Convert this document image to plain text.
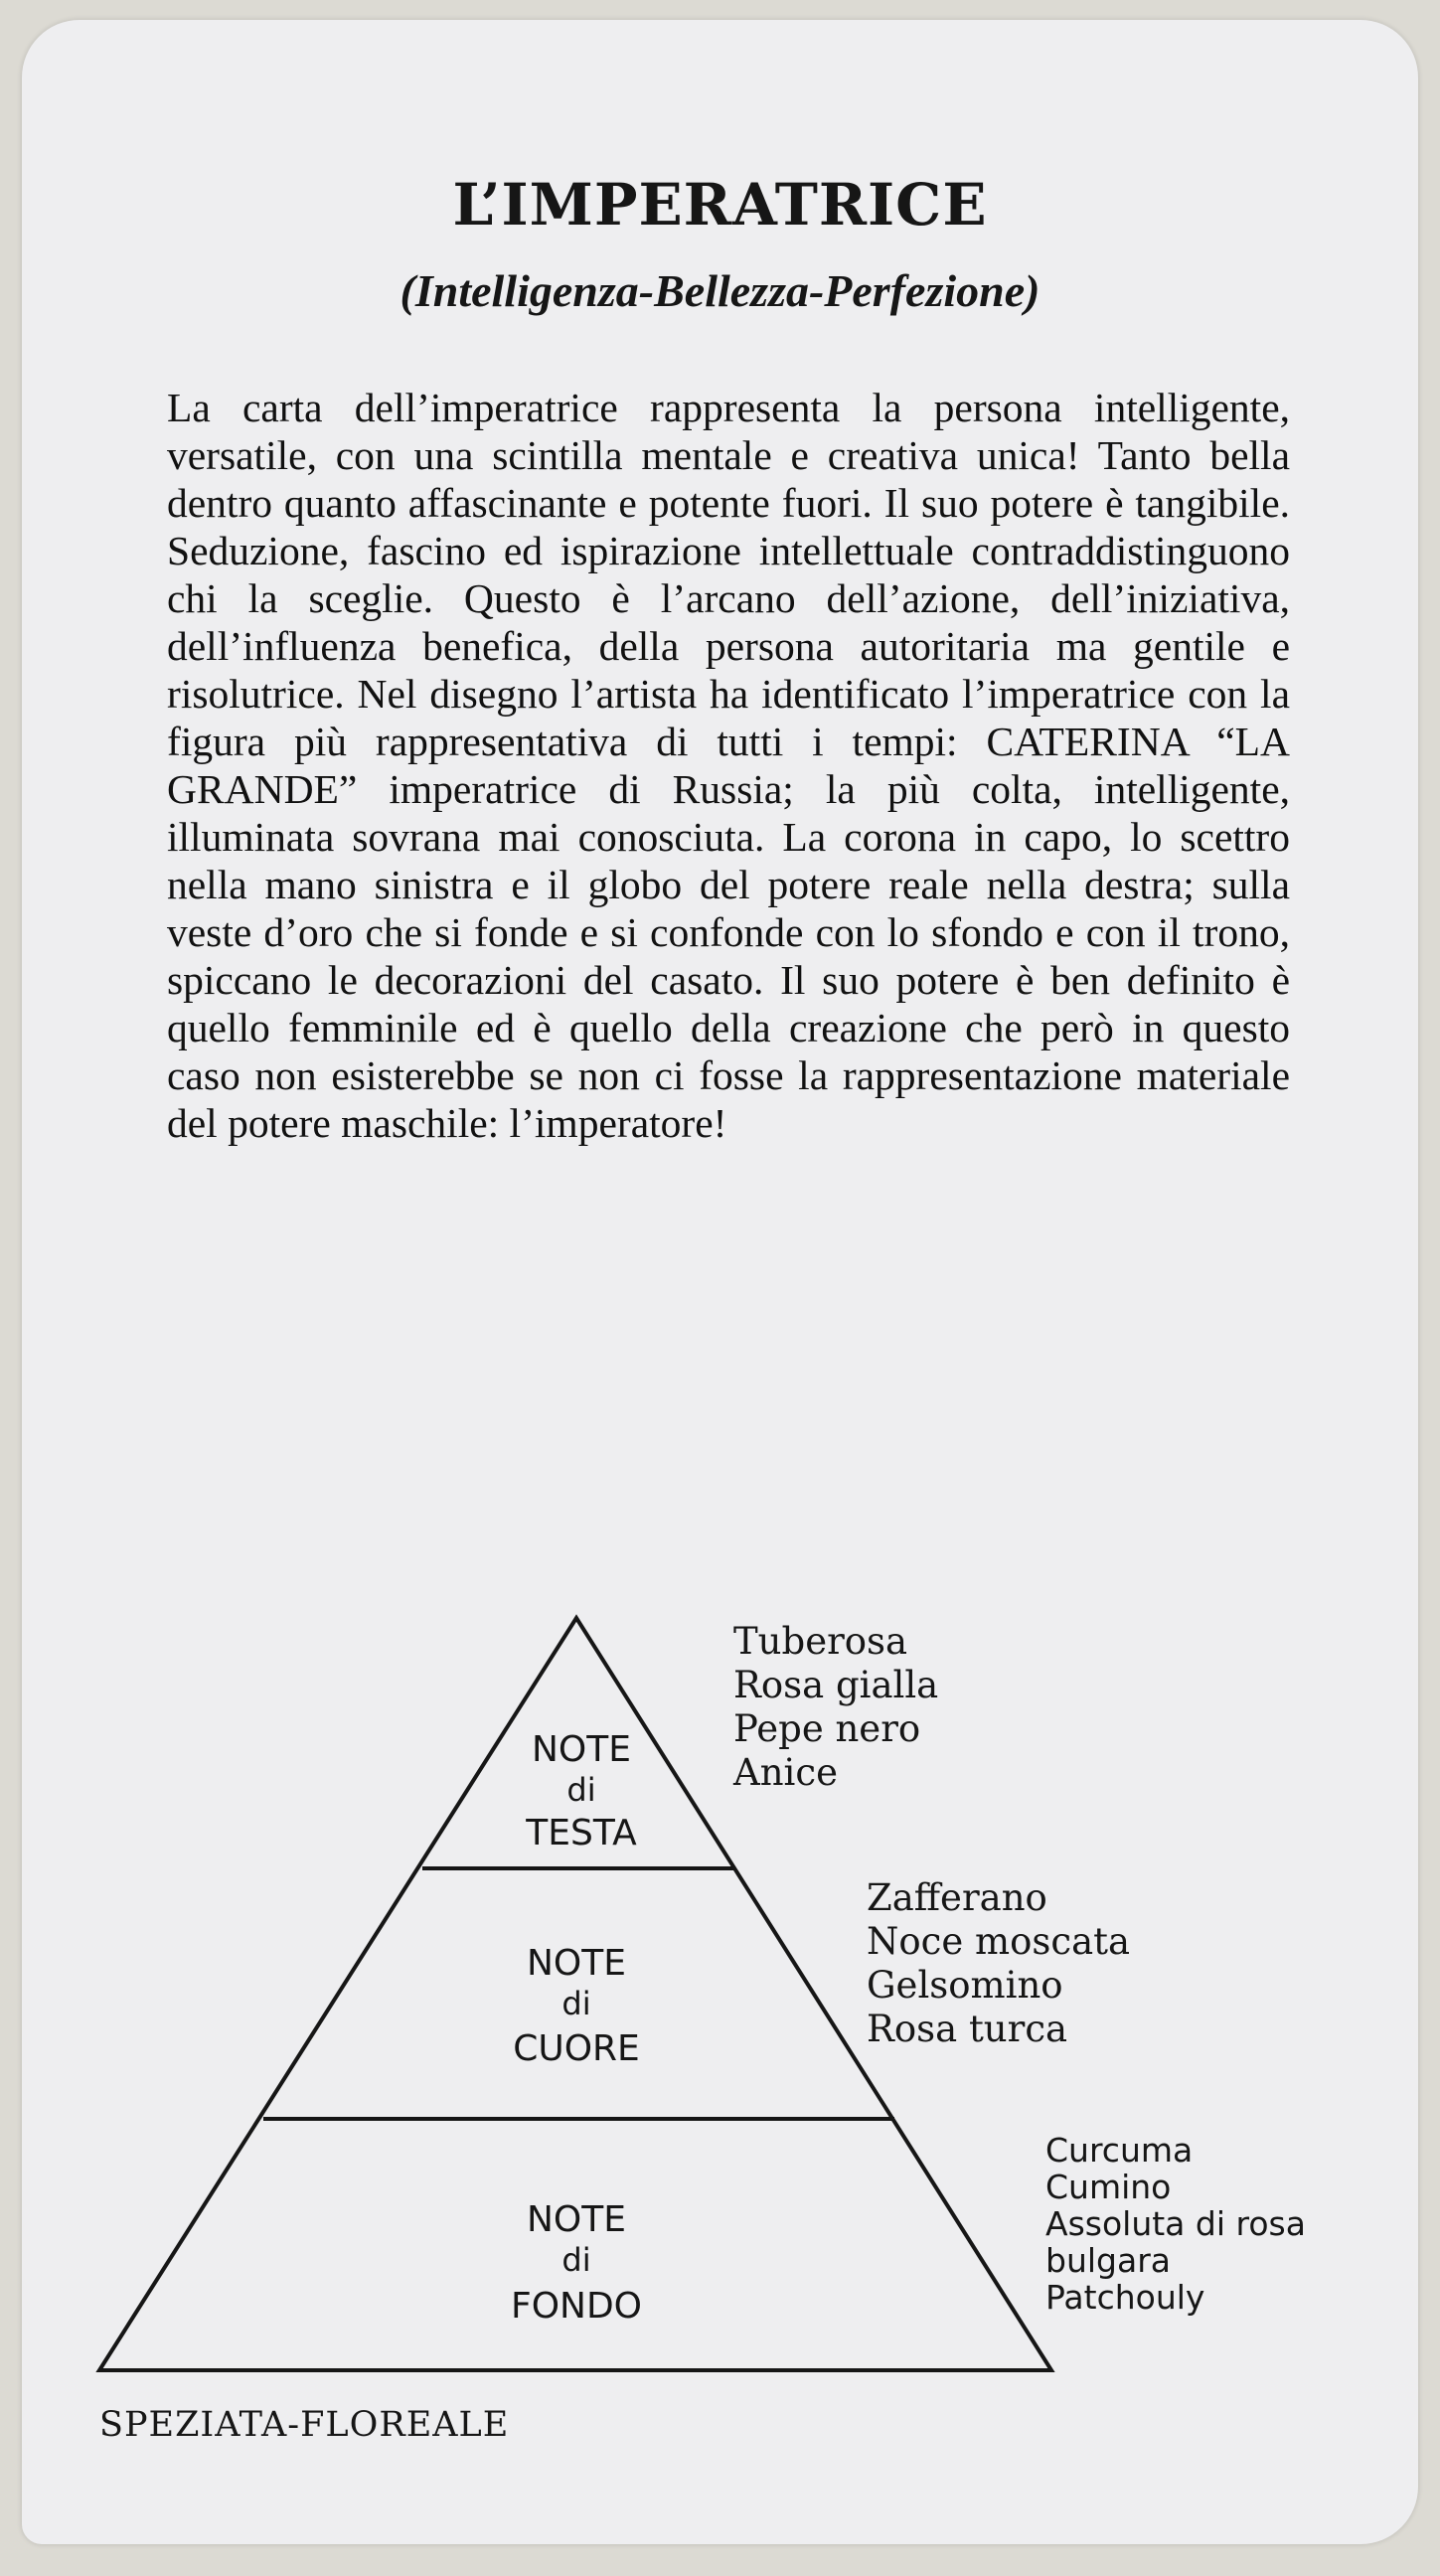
L’IMPERATRICE
(Intelligenza-Bellezza-Perfezione)

La carta dell’imperatrice rappresenta la persona intelligente, versatile, con una scintilla mentale e creativa unica! Tanto bella dentro quanto affascinante e potente fuori. Il suo potere è tangibile. Seduzione, fascino ed ispirazione intellettuale contraddistinguono chi la sceglie. Questo è l’arcano dell’azione, dell’iniziativa, dell’influenza benefica, della persona autoritaria ma gentile e risolutrice. Nel disegno l’artista ha identificato l’imperatrice con la figura più rappresentativa di tutti i tempi: CATERINA “LA GRANDE” imperatrice di Russia; la più colta, intelligente, illuminata sovrana mai conosciuta. La corona in capo, lo scettro nella mano sinistra e il globo del potere reale nella destra; sulla veste d’oro che si fonde e si confonde con lo sfondo e con il trono, spiccano le decorazioni del casato. Il suo potere è ben definito è quello femminile ed è quello della creazione che però in questo caso non esisterebbe se non ci fosse la rappresentazione materiale del potere maschile: l’imperatore!

NOTE
di
TESTA
NOTE
di
CUORE
NOTE
di
FONDO
Tuberosa
Rosa gialla
Pepe nero
Anice
Zafferano
Noce moscata
Gelsomino
Rosa turca
Curcuma
Cumino
Assoluta di rosa
bulgara
Patchouly

SPEZIATA-FLOREALE
